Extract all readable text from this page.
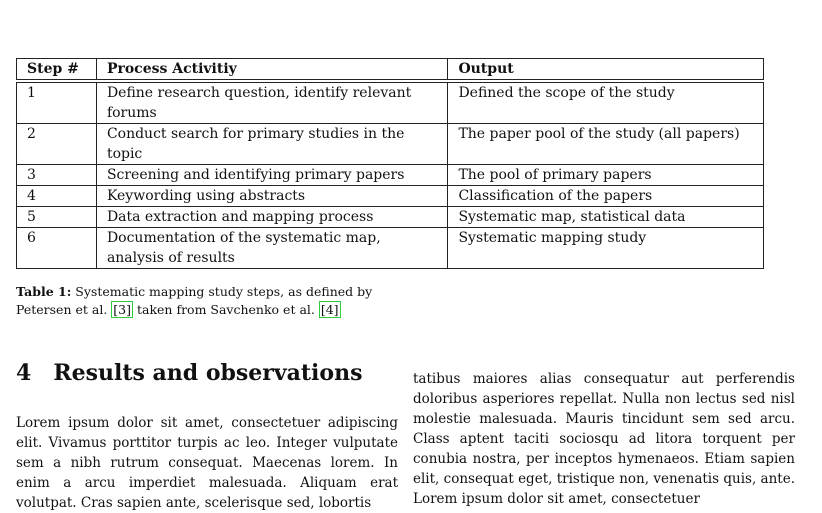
Step #	Process Activitiy	Output
1	Define research question, identify relevant forums	Defined the scope of the study
2	Conduct search for primary studies in the topic	The paper pool of the study (all papers)
3	Screening and identifying primary papers	The pool of primary papers
4	Keywording using abstracts	Classification of the papers
5	Data extraction and mapping process	Systematic map, statistical data
6	Documentation of the systematic map, analysis of results	Systematic mapping study
Table 1: Systematic mapping study steps, as defined by Petersen et al. [3] taken from Savchenko et al. [4]
4 Results and observations
Lorem ipsum dolor sit amet, consectetuer adipiscing elit. Vivamus porttitor turpis ac leo. Integer vulputate sem a nibh rutrum consequat. Maecenas lorem. In enim a arcu imperdiet malesuada. Aliquam erat volutpat. Cras sapien ante, scelerisque sed, lobortis
tatibus maiores alias consequatur aut perferendis doloribus asperiores repellat. Nulla non lectus sed nisl molestie malesuada. Mauris tincidunt sem sed arcu. Class aptent taciti sociosqu ad litora torquent per conubia nostra, per inceptos hymenaeos. Etiam sapien elit, consequat eget, tristique non, venenatis quis, ante. Lorem ipsum dolor sit amet, consectetuer
